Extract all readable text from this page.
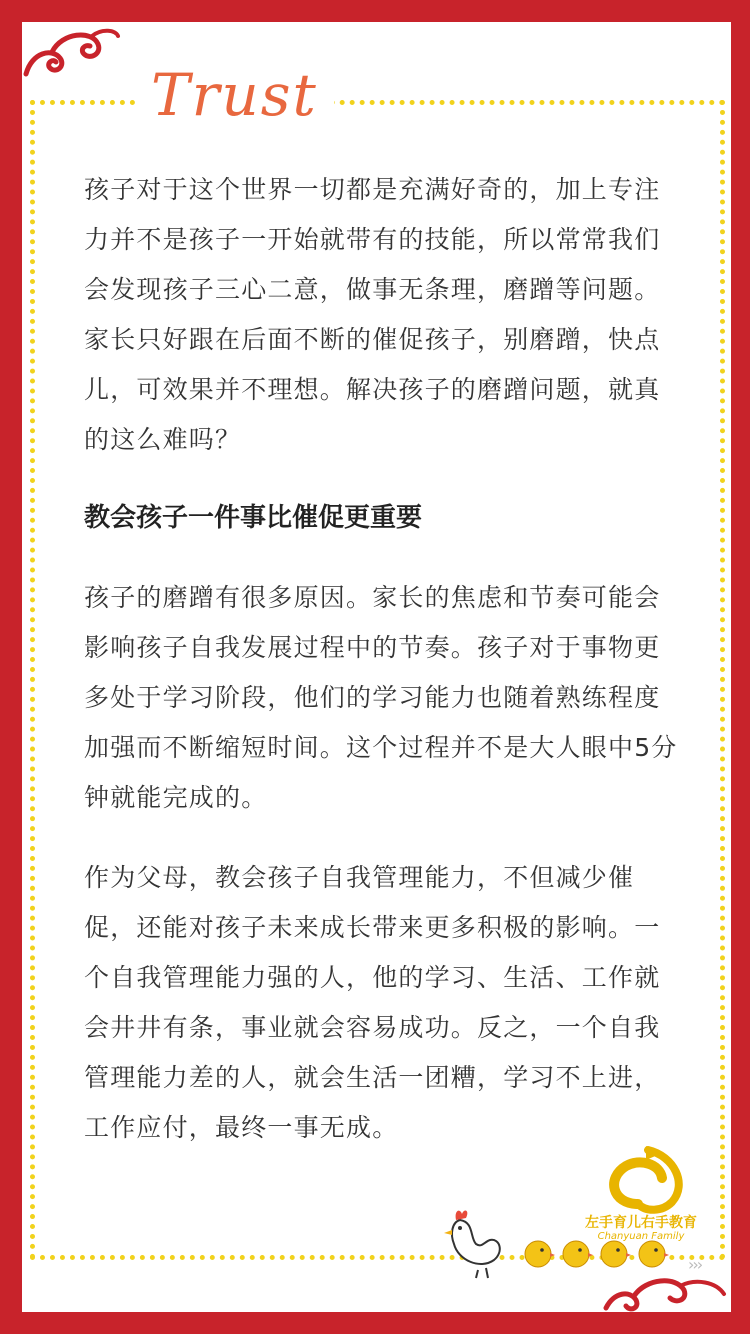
Trust

孩子对于这个世界一切都是充满好奇的，加上专注力并不是孩子一开始就带有的技能，所以常常我们会发现孩子三心二意，做事无条理，磨蹭等问题。家长只好跟在后面不断的催促孩子，别磨蹭，快点儿，可效果并不理想。解决孩子的磨蹭问题，就真的这么难吗？

教会孩子一件事比催促更重要

孩子的磨蹭有很多原因。家长的焦虑和节奏可能会影响孩子自我发展过程中的节奏。孩子对于事物更多处于学习阶段，他们的学习能力也随着熟练程度加强而不断缩短时间。这个过程并不是大人眼中5分钟就能完成的。

作为父母，教会孩子自我管理能力，不但减少催促，还能对孩子未来成长带来更多积极的影响。一个自我管理能力强的人，他的学习、生活、工作就会井井有条，事业就会容易成功。反之，一个自我管理能力差的人，就会生活一团糟，学习不上进，工作应付，最终一事无成。

›››
左手育儿右手教育
Chanyuan Family
